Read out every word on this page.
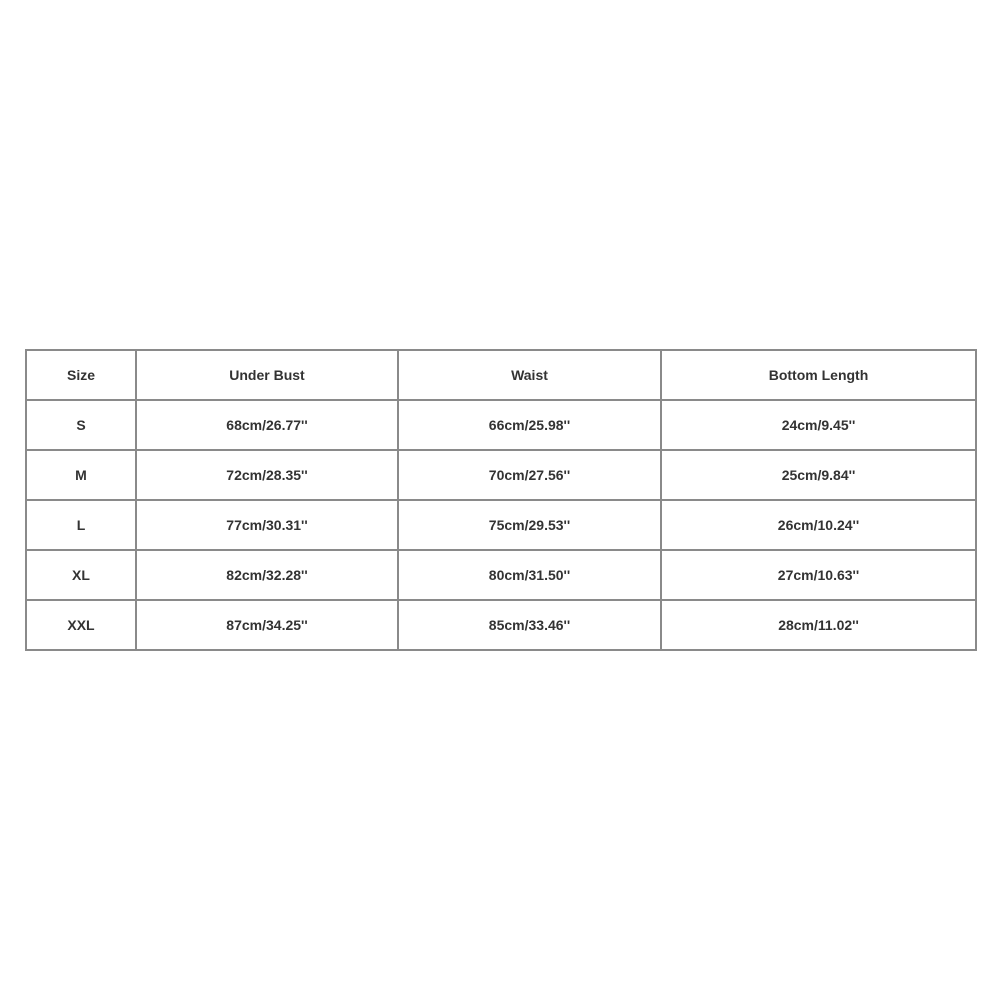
Size	Under Bust	Waist	Bottom Length
S	68cm/26.77''	66cm/25.98''	24cm/9.45''
M	72cm/28.35''	70cm/27.56''	25cm/9.84''
L	77cm/30.31''	75cm/29.53''	26cm/10.24''
XL	82cm/32.28''	80cm/31.50''	27cm/10.63''
XXL	87cm/34.25''	85cm/33.46''	28cm/11.02''
